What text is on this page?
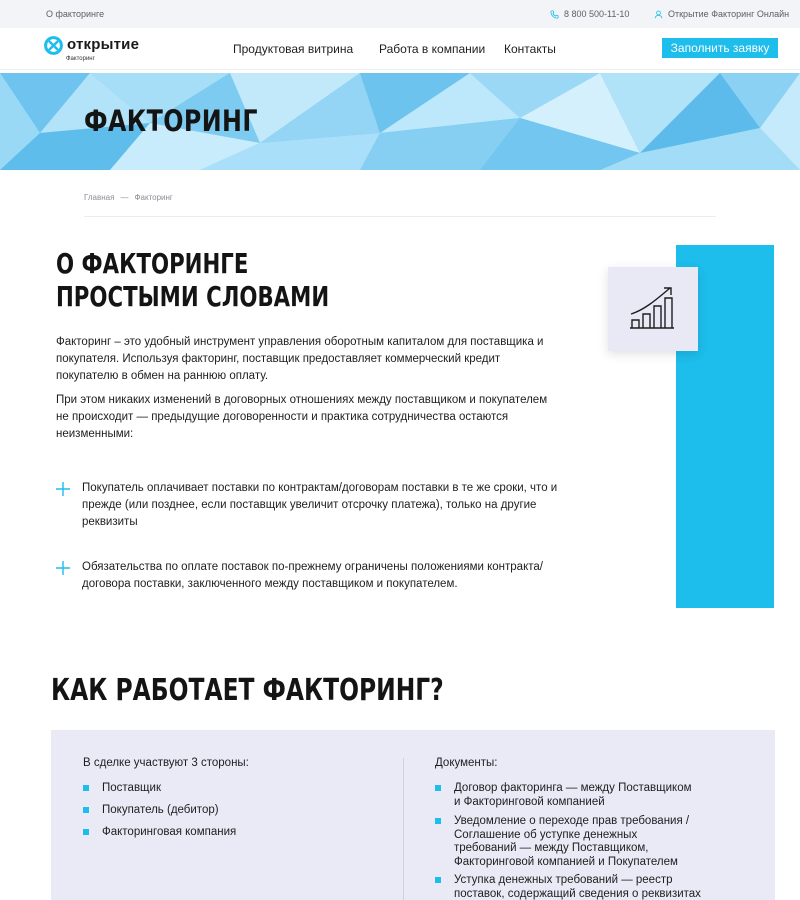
О факторинге	8 800 500-11-10	Открытие Факторинг Онлайн
открытие
Факторинг
Продуктовая витрина Работа в компании Контакты	Заполнить заявку
ФАКТОРИНГ
Главная — Факторинг
О ФАКТОРИНГЕ
ПРОСТЫМИ СЛОВАМИ

Факторинг – это удобный инструмент управления оборотным капиталом для поставщика и покупателя. Используя факторинг, поставщик предоставляет коммерческий кредит покупателю в обмен на раннюю оплату.

При этом никаких изменений в договорных отношениях между поставщиком и покупателем не происходит — предыдущие договоренности и практика сотрудничества остаются неизменными:

Покупатель оплачивает поставки по контрактам/договорам поставки в те же сроки, что и прежде (или позднее, если поставщик увеличит отсрочку платежа), только на другие реквизиты
Обязательства по оплате поставок по-прежнему ограничены положениями контракта/договора поставки, заключенного между поставщиком и покупателем.
КАК РАБОТАЕТ ФАКТОРИНГ?
В сделке участвуют 3 стороны:
Поставщик
Покупатель (дебитор)
Факторинговая компания
Документы:
Договор факторинга — между Поставщиком
и Факторинговой компанией
Уведомление о переходе прав требования /
Соглашение об уступке денежных
требований — между Поставщиком,
Факторинговой компанией и Покупателем
Уступка денежных требований — реестр
поставок, содержащий сведения о реквизитах
